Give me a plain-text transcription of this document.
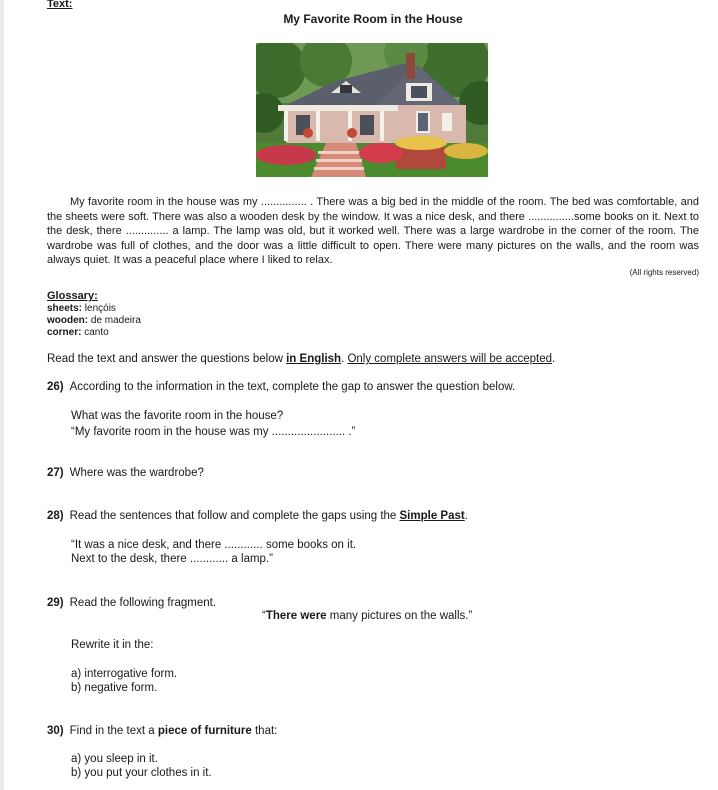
Text:
My Favorite Room in the House
My favorite room in the house was my ............... . There was a big bed in the middle of the room. The bed was comfortable, and the sheets were soft. There was also a wooden desk by the window. It was a nice desk, and there ...............some books on it. Next to the desk, there .............. a lamp. The lamp was old, but it worked well. There was a large wardrobe in the corner of the room. The wardrobe was full of clothes, and the door was a little difficult to open. There were many pictures on the walls, and the room was always quiet. It was a peaceful place where I liked to relax.
(All rights reserved)
Glossary:
sheets: lençóis
wooden: de madeira
corner: canto
Read the text and answer the questions below in English. Only complete answers will be accepted.
26) According to the information in the text, complete the gap to answer the question below.
What was the favorite room in the house?
“My favorite room in the house was my ....................... .”
27) Where was the wardrobe?
28) Read the sentences that follow and complete the gaps using the Simple Past.
“It was a nice desk, and there ............ some books on it.
Next to the desk, there ............ a lamp.”
29) Read the following fragment.
“There were many pictures on the walls.”
Rewrite it in the:
a) interrogative form.
b) negative form.
30) Find in the text a piece of furniture that:
a) you sleep in it.
b) you put your clothes in it.
